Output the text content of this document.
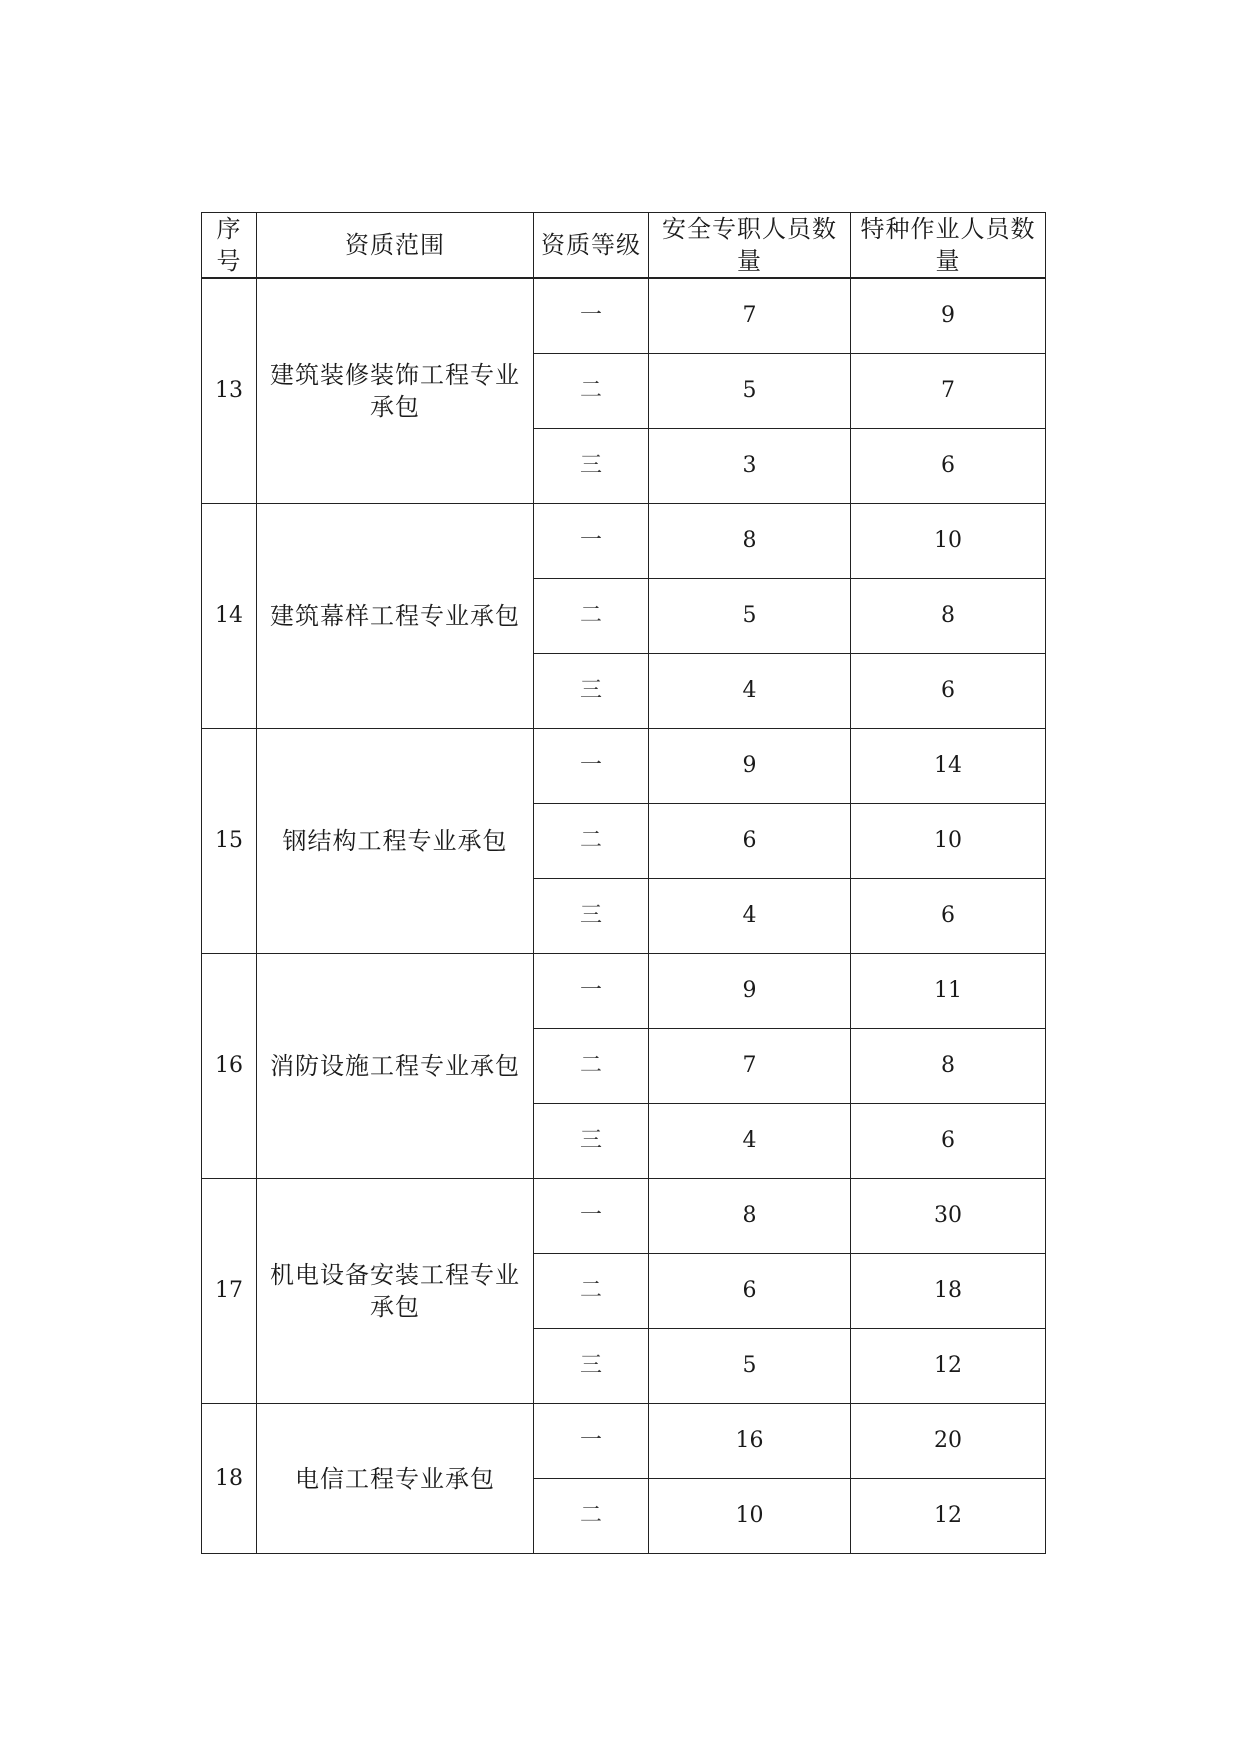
序号	资质范围	资质等级	安全专职人员数量	特种作业人员数量
13	建筑装修装饰工程专业承包	一	7	9
		二	5	7
		三	3	6
14	建筑幕样工程专业承包	一	8	10
		二	5	8
		三	4	6
15	钢结构工程专业承包	一	9	14
		二	6	10
		三	4	6
16	消防设施工程专业承包	一	9	11
		二	7	8
		三	4	6
17	机电设备安装工程专业承包	一	8	30
		二	6	18
		三	5	12
18	电信工程专业承包	一	16	20
		二	10	12
